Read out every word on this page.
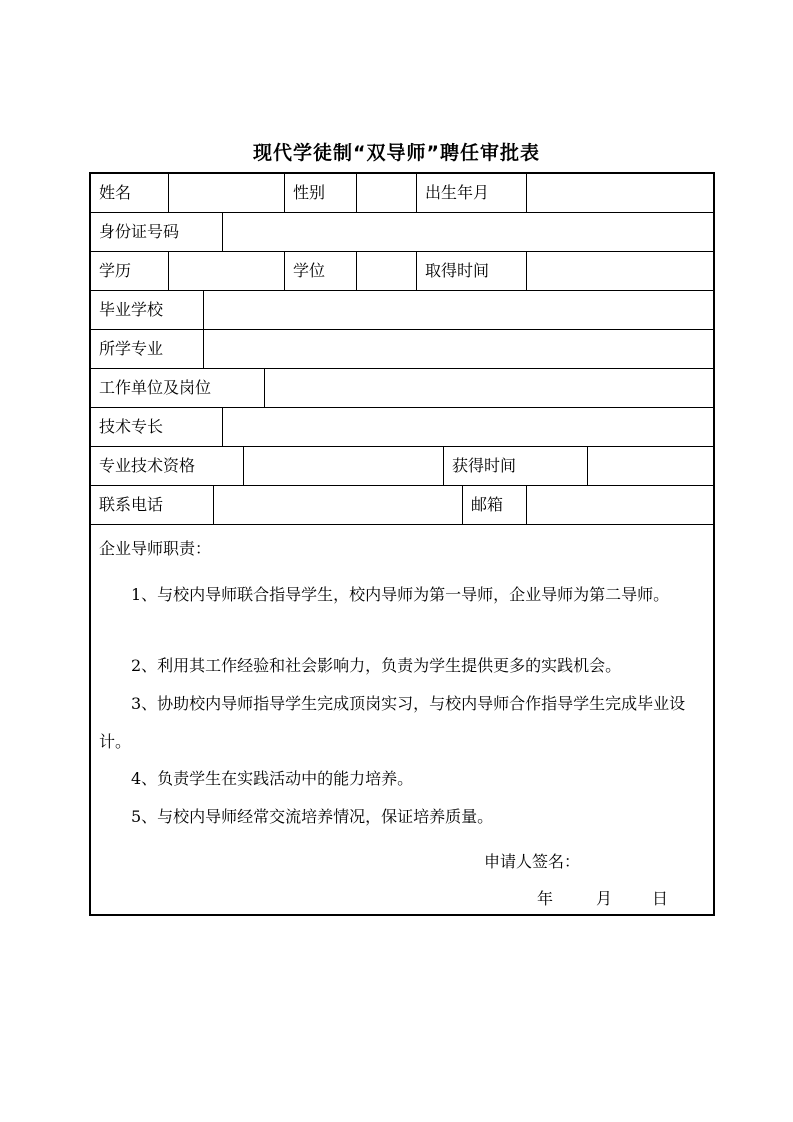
现代学徒制“双导师”聘任审批表
姓名	性别	出生年月
身份证号码
学历	学位	取得时间
毕业学校
所学专业
工作单位及岗位
技术专长
专业技术资格	获得时间
联系电话	邮箱
企业导师职责：
1、与校内导师联合指导学生，校内导师为第一导师，企业导师为第二导师。
2、利用其工作经验和社会影响力，负责为学生提供更多的实践机会。
3、协助校内导师指导学生完成顶岗实习，与校内导师合作指导学生完成毕业设计。
4、负责学生在实践活动中的能力培养。
5、与校内导师经常交流培养情况，保证培养质量。
申请人签名：
年	月 日
